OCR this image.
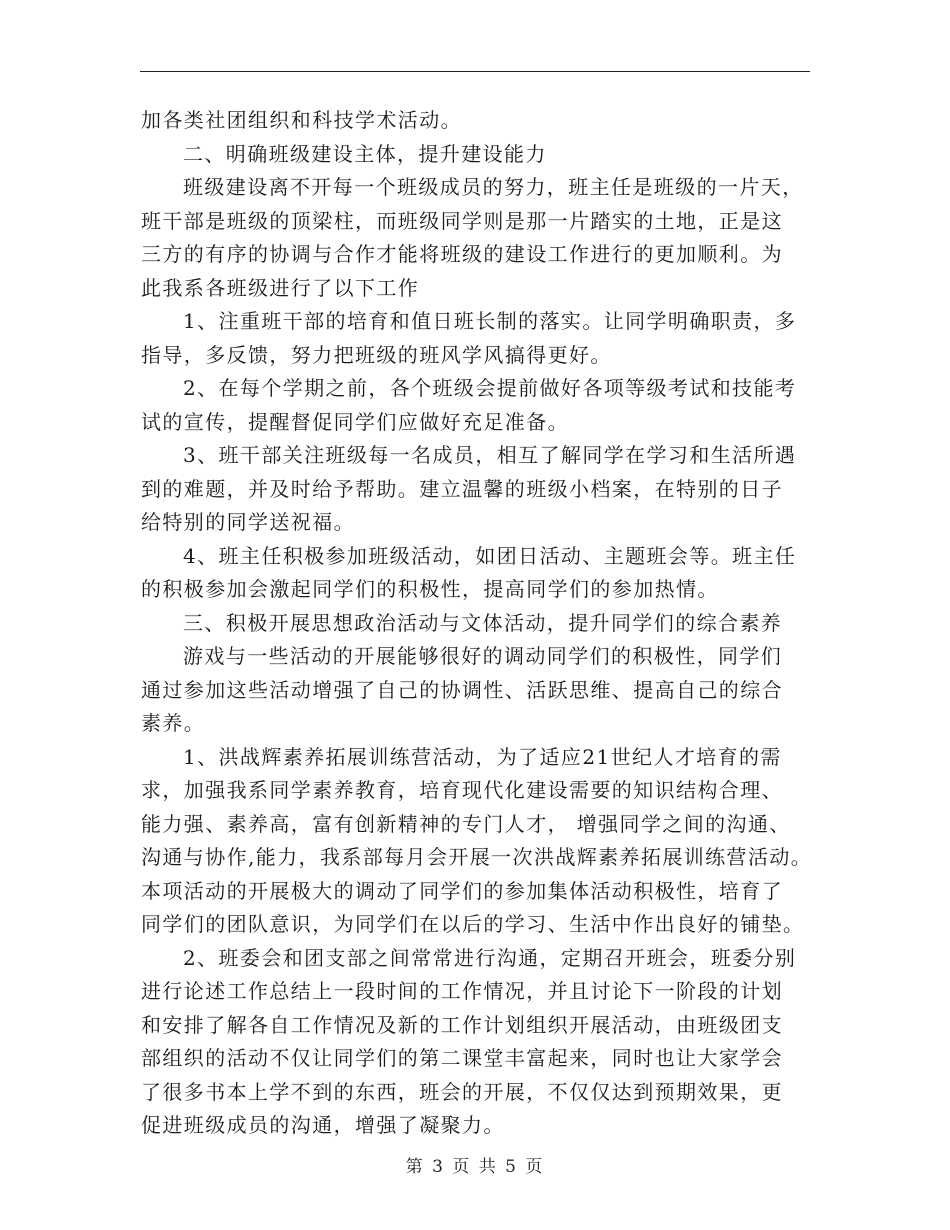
加各类社团组织和科技学术活动。
二、明确班级建设主体，提升建设能力
班级建设离不开每一个班级成员的努力，班主任是班级的一片天，
班干部是班级的顶梁柱，而班级同学则是那一片踏实的土地，正是这
三方的有序的协调与合作才能将班级的建设工作进行的更加顺利。为
此我系各班级进行了以下工作
1、注重班干部的培育和值日班长制的落实。让同学明确职责，多
指导，多反馈，努力把班级的班风学风搞得更好。
2、在每个学期之前，各个班级会提前做好各项等级考试和技能考
试的宣传，提醒督促同学们应做好充足准备。
3、班干部关注班级每一名成员，相互了解同学在学习和生活所遇
到的难题，并及时给予帮助。建立温馨的班级小档案，在特别的日子
给特别的同学送祝福。
4、班主任积极参加班级活动，如团日活动、主题班会等。班主任
的积极参加会激起同学们的积极性，提高同学们的参加热情。
三、积极开展思想政治活动与文体活动，提升同学们的综合素养
游戏与一些活动的开展能够很好的调动同学们的积极性，同学们
通过参加这些活动增强了自己的协调性、活跃思维、提高自己的综合
素养。
1、洪战辉素养拓展训练营活动，为了适应21世纪人才培育的需
求，加强我系同学素养教育，培育现代化建设需要的知识结构合理、
能力强、素养高，富有创新精神的专门人才， 增强同学之间的沟通、
沟通与协作,能力，我系部每月会开展一次洪战辉素养拓展训练营活动。
本项活动的开展极大的调动了同学们的参加集体活动积极性，培育了
同学们的团队意识，为同学们在以后的学习、生活中作出良好的铺垫。
2、班委会和团支部之间常常进行沟通，定期召开班会，班委分别
进行论述工作总结上一段时间的工作情况，并且讨论下一阶段的计划
和安排了解各自工作情况及新的工作计划组织开展活动，由班级团支
部组织的活动不仅让同学们的第二课堂丰富起来，同时也让大家学会
了很多书本上学不到的东西，班会的开展，不仅仅达到预期效果，更
促进班级成员的沟通，增强了凝聚力。
第 3 页 共 5 页
